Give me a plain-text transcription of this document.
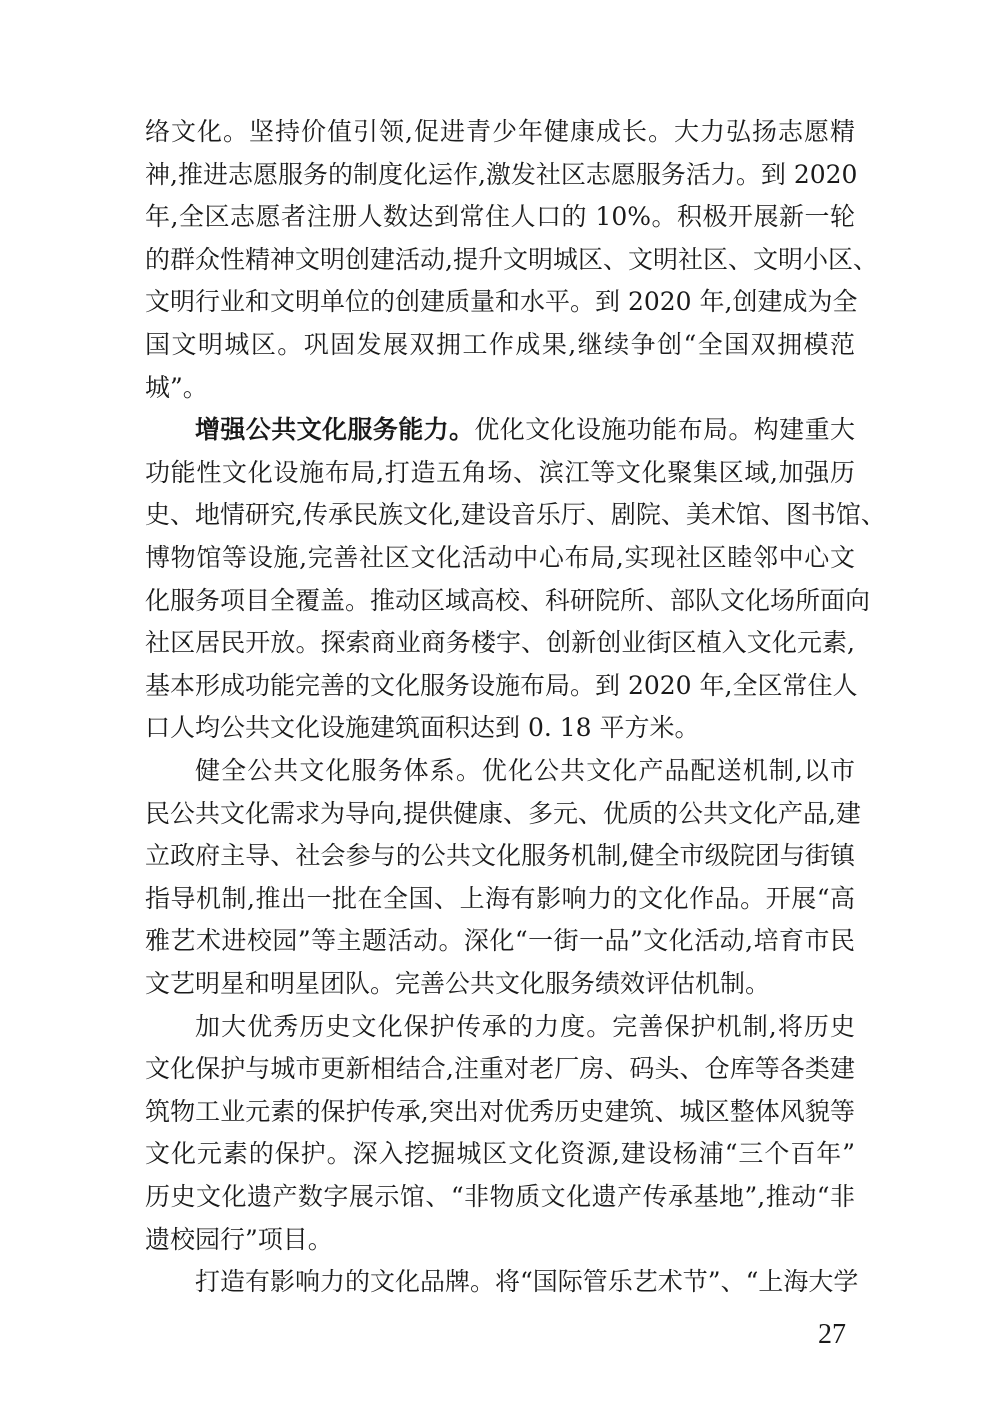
络文化。坚持价值引领,促进青少年健康成长。大力弘扬志愿精
神,推进志愿服务的制度化运作,激发社区志愿服务活力。到 2020
年,全区志愿者注册人数达到常住人口的 10%。积极开展新一轮
的群众性精神文明创建活动,提升文明城区、文明社区、文明小区、
文明行业和文明单位的创建质量和水平。到 2020 年,创建成为全
国文明城区。巩固发展双拥工作成果,继续争创“全国双拥模范
城”。
增强公共文化服务能力。优化文化设施功能布局。构建重大
功能性文化设施布局,打造五角场、滨江等文化聚集区域,加强历
史、地情研究,传承民族文化,建设音乐厅、剧院、美术馆、图书馆、
博物馆等设施,完善社区文化活动中心布局,实现社区睦邻中心文
化服务项目全覆盖。推动区域高校、科研院所、部队文化场所面向
社区居民开放。探索商业商务楼宇、创新创业街区植入文化元素,
基本形成功能完善的文化服务设施布局。到 2020 年,全区常住人
口人均公共文化设施建筑面积达到 0. 18 平方米。
健全公共文化服务体系。优化公共文化产品配送机制,以市
民公共文化需求为导向,提供健康、多元、优质的公共文化产品,建
立政府主导、社会参与的公共文化服务机制,健全市级院团与街镇
指导机制,推出一批在全国、上海有影响力的文化作品。开展“高
雅艺术进校园”等主题活动。深化“一街一品”文化活动,培育市民
文艺明星和明星团队。完善公共文化服务绩效评估机制。
加大优秀历史文化保护传承的力度。完善保护机制,将历史
文化保护与城市更新相结合,注重对老厂房、码头、仓库等各类建
筑物工业元素的保护传承,突出对优秀历史建筑、城区整体风貌等
文化元素的保护。深入挖掘城区文化资源,建设杨浦“三个百年”
历史文化遗产数字展示馆、“非物质文化遗产传承基地”,推动“非
遗校园行”项目。
打造有影响力的文化品牌。将“国际管乐艺术节”、“上海大学
27
